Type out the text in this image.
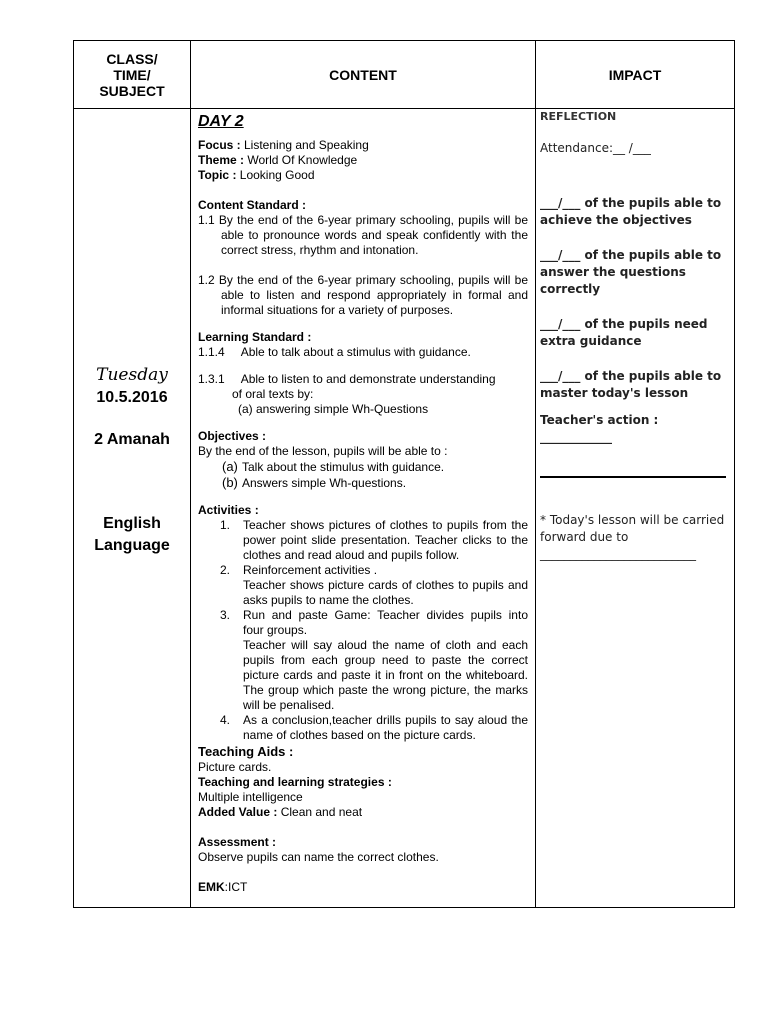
CLASS/
TIME/
SUBJECT
CONTENT	IMPACT
Tuesday
10.5.2016
2 Amanah
English
Language

DAY 2

Focus : Listening and Speaking

Theme : World Of Knowledge

Topic : Looking Good

Content Standard :

1.1 By the end of the 6-year primary schooling, pupils will be able to pronounce words and speak confidently with the correct stress, rhythm and intonation.

1.2 By the end of the 6-year primary schooling, pupils will be able to listen and respond appropriately in formal and informal situations for a variety of purposes.

Learning Standard :

1.1.4     Able to talk about a stimulus with guidance.

1.3.1     Able to listen to and demonstrate understanding

of oral texts by:

(a) answering simple Wh-Questions

Objectives :

By the end of the lesson, pupils will be able to :

(a) Talk about the stimulus with guidance.

(b) Answers simple Wh-questions.

Activities :

1. Teacher shows pictures of clothes to pupils from the power point slide presentation. Teacher clicks to the clothes and read aloud and pupils follow.
2. Reinforcement activities .
Teacher shows picture cards of clothes to pupils and asks pupils to name the clothes.
3. Run and paste Game: Teacher divides pupils into four groups.
Teacher will say aloud the name of cloth and each pupils from each group need to paste the correct picture cards and paste it in front on the whiteboard. The group which paste the wrong picture, the marks will be penalised.
4. As a conclusion,teacher drills pupils to say aloud the name of clothes based on the picture cards.

Teaching Aids :

Picture cards.

Teaching and learning strategies :

Multiple intelligence

Added Value : Clean and neat

Assessment :

Observe pupils can name the correct clothes.

EMK:ICT

REFLECTION

Attendance:__ /___

___/___ of the pupils able to achieve the objectives

___/___ of the pupils able to answer the questions correctly

___/___ of the pupils need extra guidance

___/___ of the pupils able to master today's lesson

Teacher's action : ____________

* Today's lesson will be carried forward due to

__________________________
